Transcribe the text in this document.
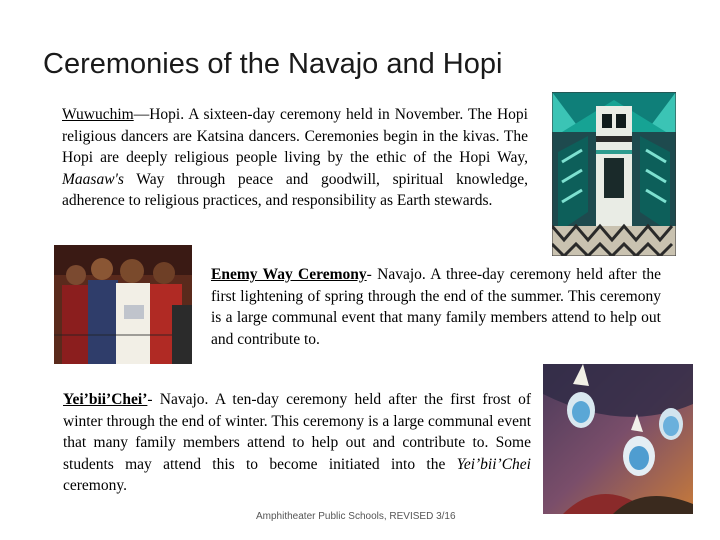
Ceremonies of the Navajo and Hopi

Wuwuchim—Hopi. A sixteen-day ceremony held in November. The Hopi religious dancers are Katsina dancers. Ceremonies begin in the kivas. The Hopi are deeply religious people living by the ethic of the Hopi Way, Maasaw's Way through peace and goodwill, spiritual knowledge, adherence to religious practices, and responsibility as Earth stewards.

Enemy Way Ceremony- Navajo. A three-day ceremony held after the first lightening of spring through the end of the summer. This ceremony is a large communal event that many family members attend to help out and contribute to.

Yei’bii’Chei’- Navajo. A ten-day ceremony held after the first frost of winter through the end of winter. This ceremony is a large communal event that many family members attend to help out and contribute to. Some students may attend this to become initiated into the Yei’bii’Chei ceremony.

Amphitheater Public Schools, REVISED 3/16
